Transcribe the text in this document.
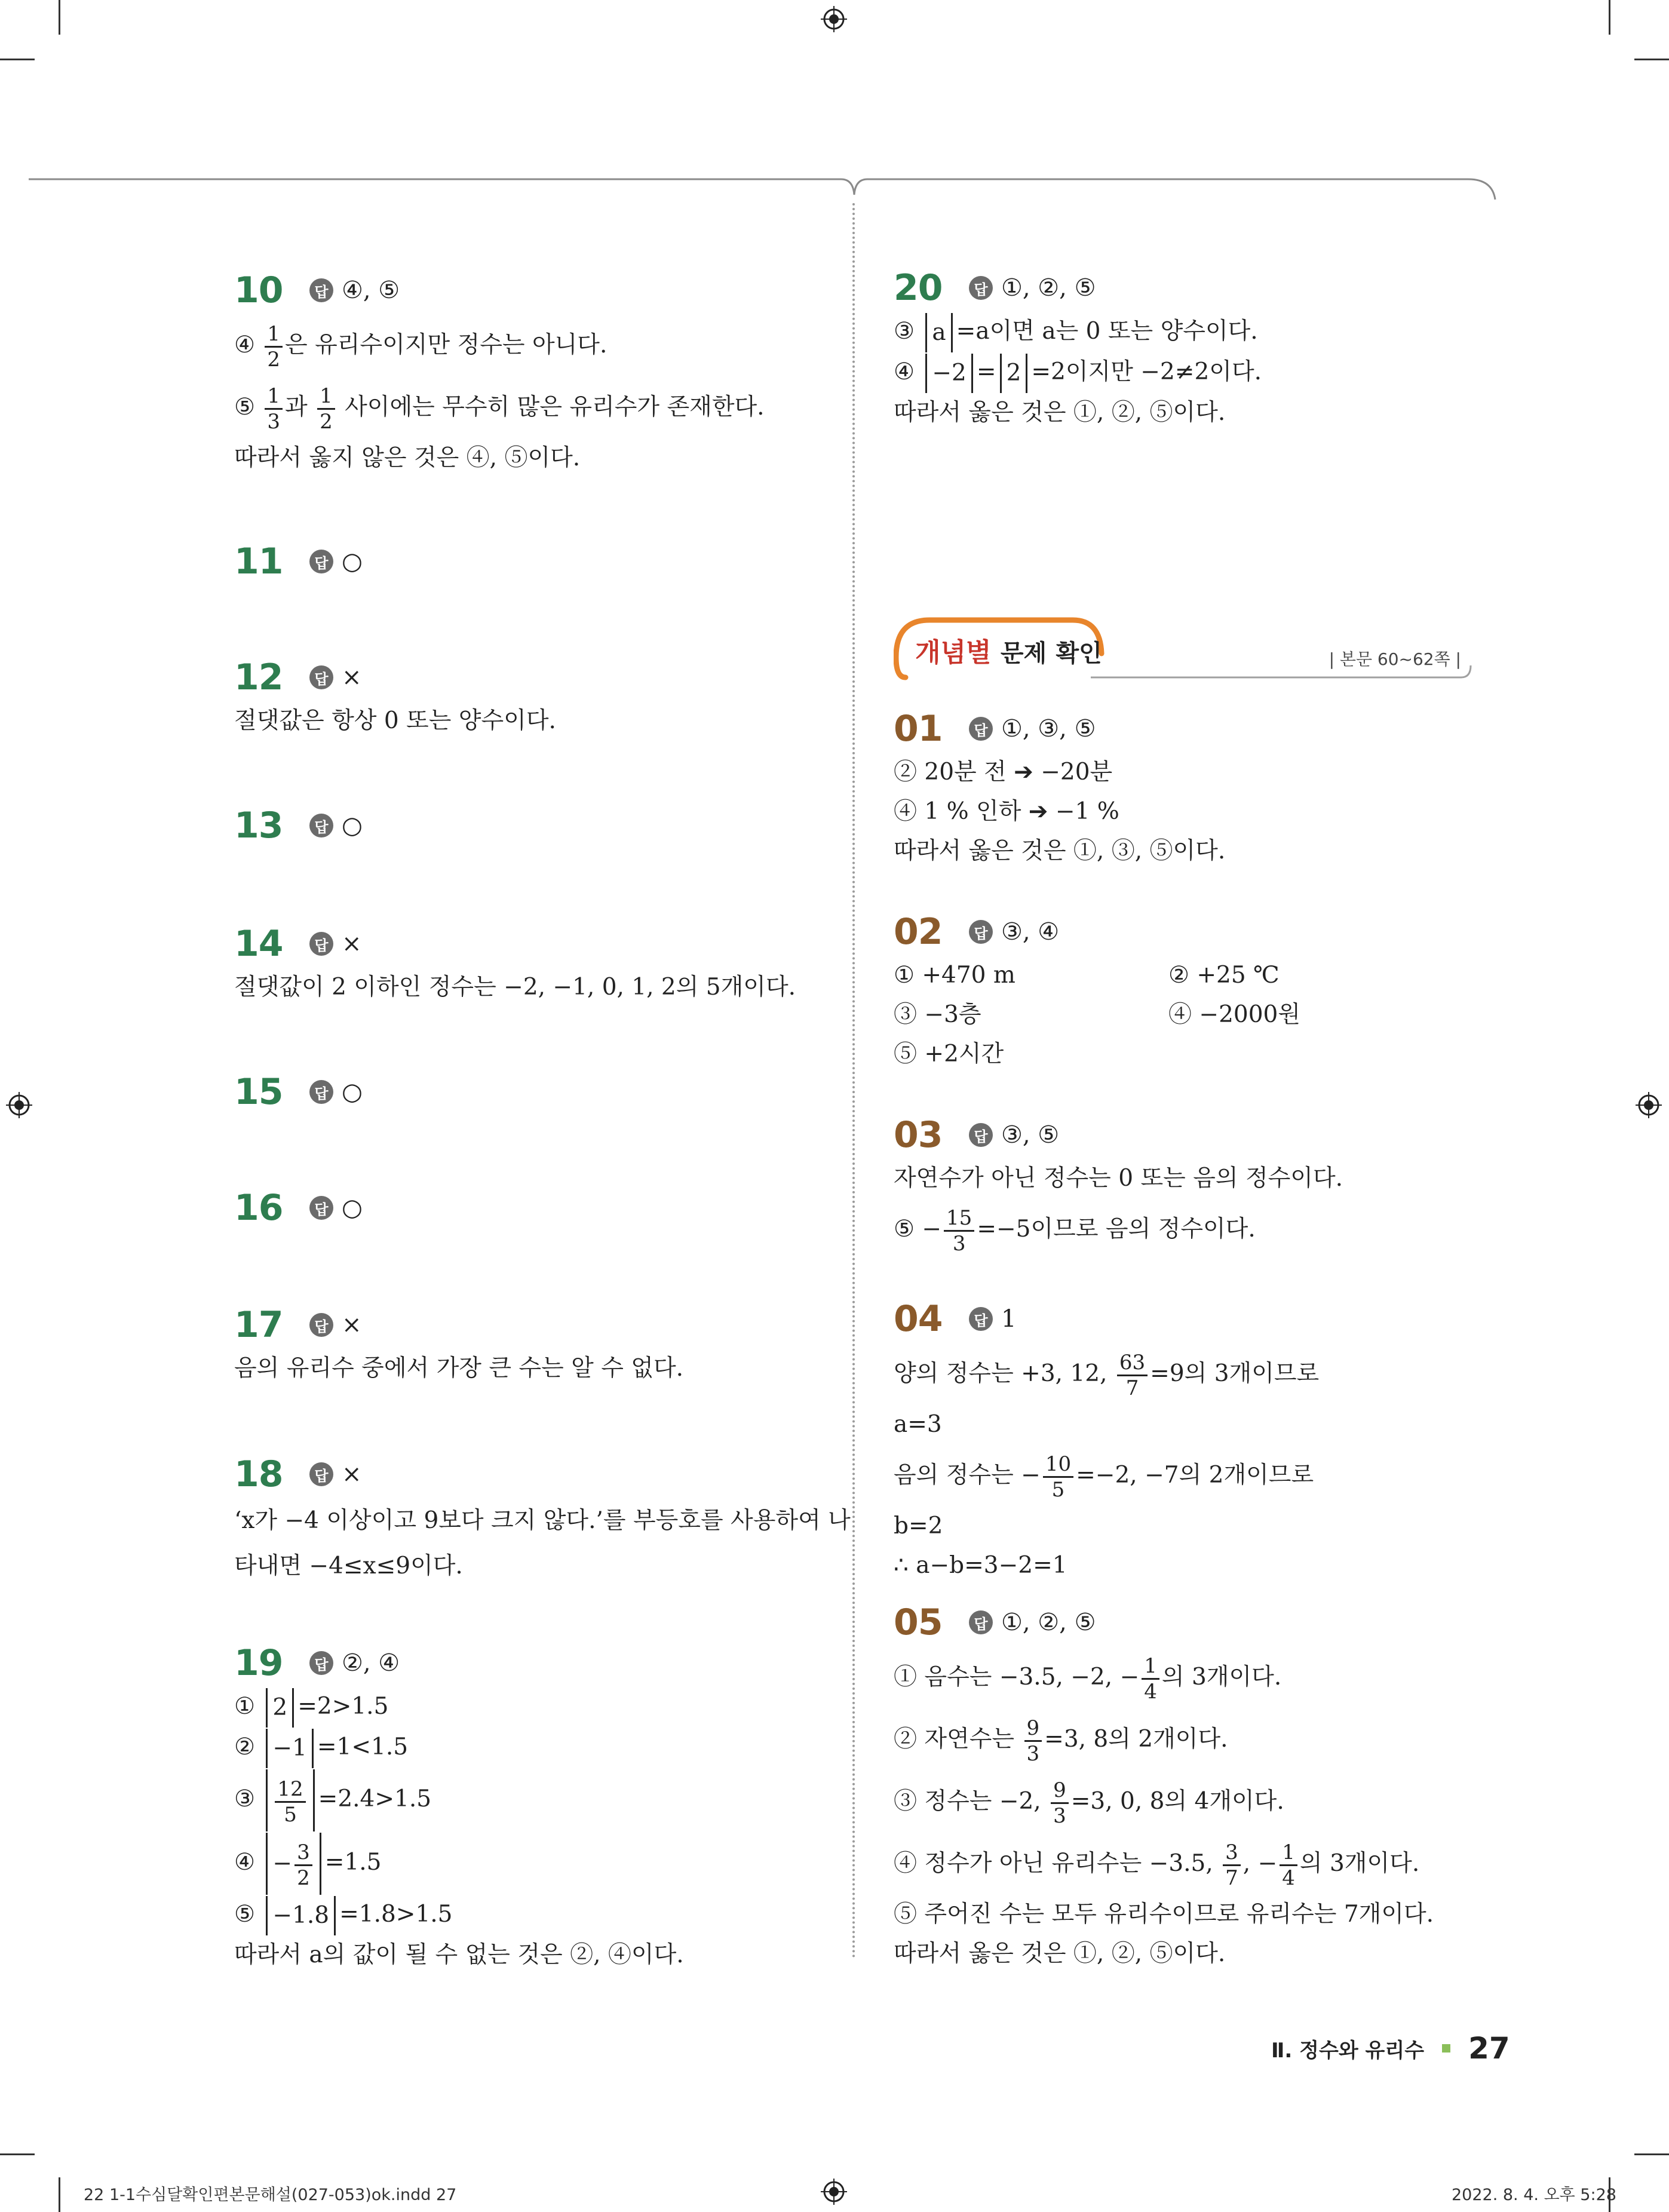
10	답 ④, ⑤
④ $\frac{1}{2}$ 은 유리수이지만 정수는 아니다.
⑤ $\frac{1}{3}$ 과 $\frac{1}{2}$ 사이에는 무수히 많은 유리수가 존재한다.
따라서 옳지 않은 것은 ④, ⑤이다.
11	답 ○
12	답 ×
절댓값은 항상 0 또는 양수이다.
13	답 ○
14	답 ×
절댓값이 2 이하인 정수는 −2, −1, 0, 1, 2의 5개이다.
15	답 ○
16	답 ○
17	답 ×
음의 유리수 중에서 가장 큰 수는 알 수 없다.
18	답 ×
‘x가 −4 이상이고 9보다 크지 않다.’를 부등호를 사용하여 나
타내면 −4≤x≤9이다.
19	답 ②, ④
① 2 =2>1.5
② −1 =1<1.5
③ $\frac{12}{5} =2.4>1.5$
④ − $\frac{3}{2} =1.5$
⑤ −1.8 =1.8>1.5
따라서 a의 값이 될 수 없는 것은 ②, ④이다.
20	답 ①, ②, ⑤
③ a =a이면 a는 0 또는 양수이다.
④ −2 = 2 =2이지만 −2≠2이다.
따라서 옳은 것은 ①, ②, ⑤이다.
개념별 문제 확인	| 본문 60~62쪽 |
01	답 ①, ③, ⑤
② 20분 전 ➔ −20분
④ 1 % 인하 ➔ −1 %
따라서 옳은 것은 ①, ③, ⑤이다.
02	답 ③, ④
① +470 m	② +25 ℃
③ −3층	④ −2000원
⑤ +2시간
03	답 ③, ⑤
자연수가 아닌 정수는 0 또는 음의 정수이다.
⑤ − $\frac{15}{3} =-5$이므로 음의 정수이다.
04	답 1
양의 정수는 +3, 12, $\frac{63}{7} =9$의 3개이므로
a=3
음의 정수는 − $\frac{10}{5} =-2$, −7의 2개이므로
b=2
∴ a−b=3−2=1
05	답 ①, ②, ⑤
① 음수는 −3.5, −2, − $\frac{1}{4}$ 의 3개이다.
② 자연수는 $\frac{9}{3} =3$, 8의 2개이다.
③ 정수는 −2, $\frac{9}{3} =3$, 0, 8의 4개이다.
④ 정수가 아닌 유리수는 −3.5, $\frac{3}{7}$ , − $\frac{1}{4}$ 의 3개이다.
⑤ 주어진 수는 모두 유리수이므로 유리수는 7개이다.
따라서 옳은 것은 ①, ②, ⑤이다.
Ⅱ. 정수와 유리수 27
22 1-1수심달확인편본문해설(027-053)ok.indd 27	2022. 8. 4. 오후 5:28
